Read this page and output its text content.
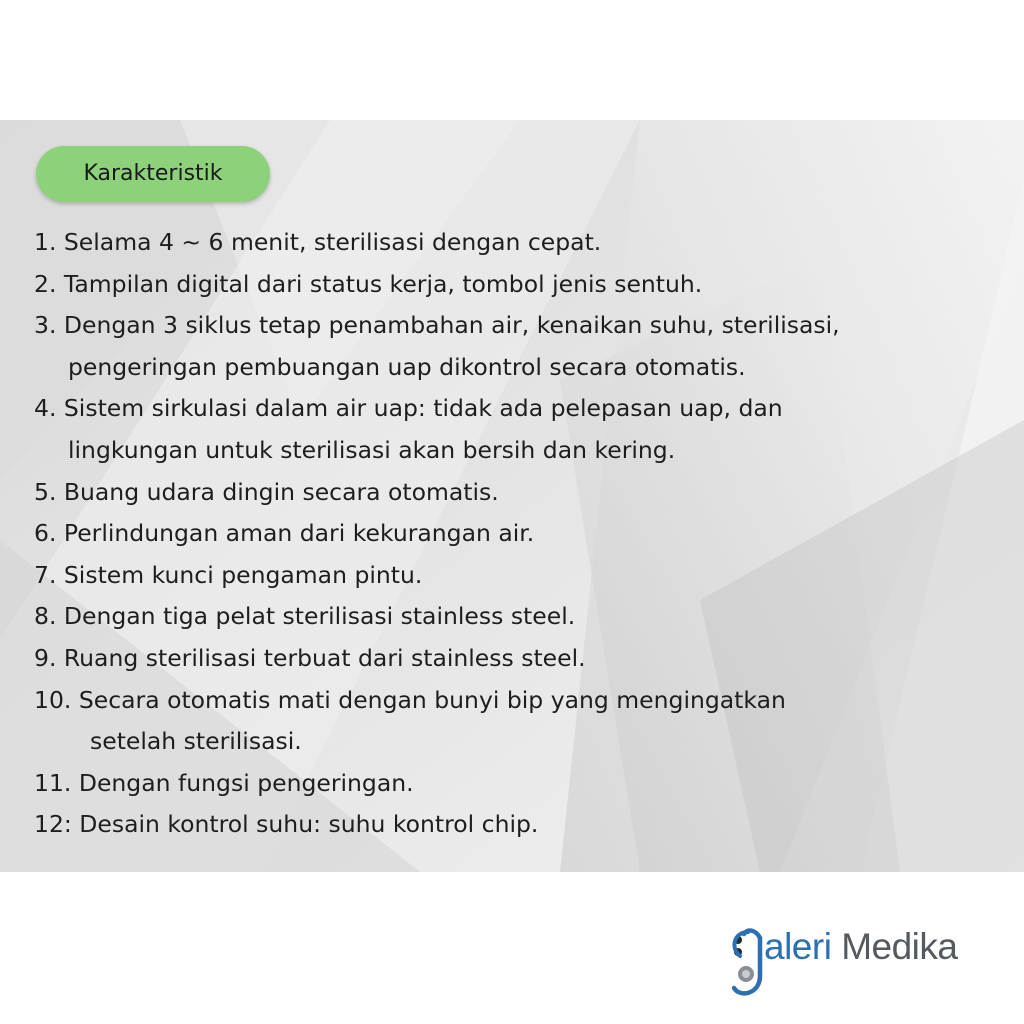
Karakteristik
1. Selama 4 ~ 6 menit, sterilisasi dengan cepat.
2. Tampilan digital dari status kerja, tombol jenis sentuh.
3. Dengan 3 siklus tetap penambahan air, kenaikan suhu, sterilisasi,
pengeringan pembuangan uap dikontrol secara otomatis.
4. Sistem sirkulasi dalam air uap: tidak ada pelepasan uap, dan
lingkungan untuk sterilisasi akan bersih dan kering.
5. Buang udara dingin secara otomatis.
6. Perlindungan aman dari kekurangan air.
7. Sistem kunci pengaman pintu.
8. Dengan tiga pelat sterilisasi stainless steel.
9. Ruang sterilisasi terbuat dari stainless steel.
10. Secara otomatis mati dengan bunyi bip yang mengingatkan
setelah sterilisasi.
11. Dengan fungsi pengeringan.
12: Desain kontrol suhu: suhu kontrol chip.
aleri Medika
